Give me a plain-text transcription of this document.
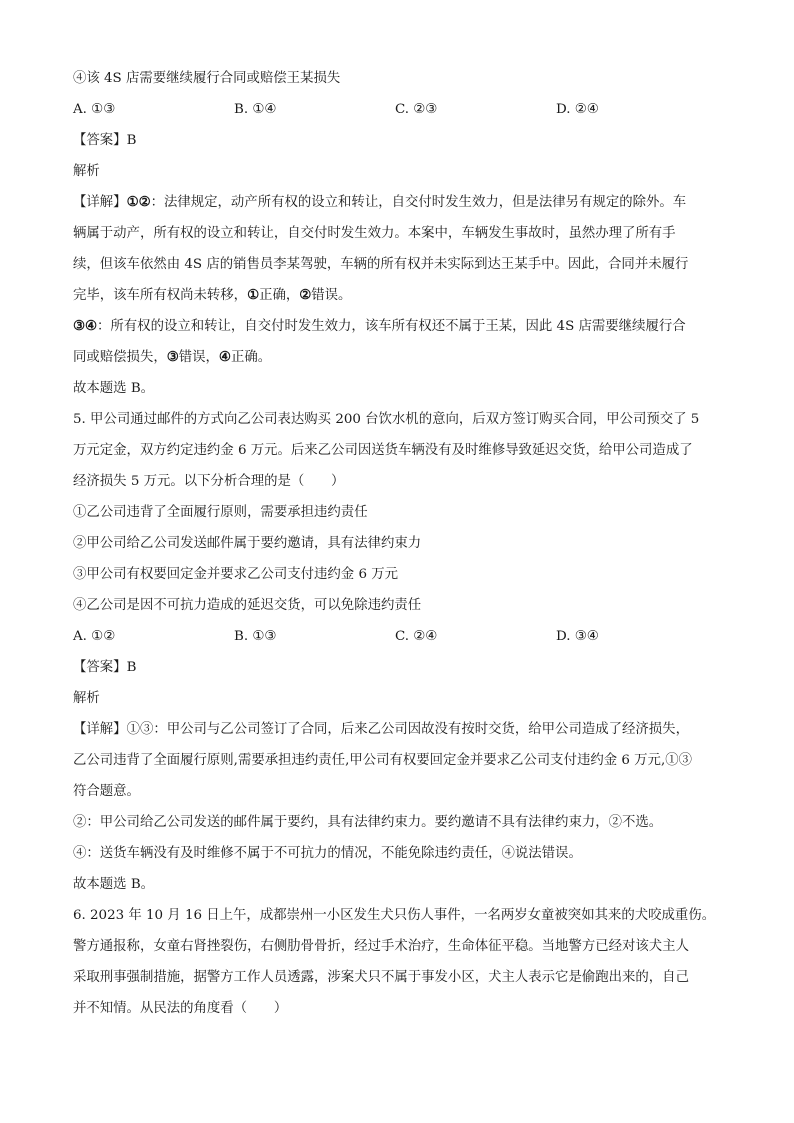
④该 4S 店需要继续履行合同或赔偿王某损失
A. ①③	B. ①④	C. ②③	D. ②④
【答案】B
解析
【详解】①②：法律规定，动产所有权的设立和转让，自交付时发生效力，但是法律另有规定的除外。车
辆属于动产，所有权的设立和转让，自交付时发生效力。本案中，车辆发生事故时，虽然办理了所有手
续，但该车依然由 4S 店的销售员李某驾驶，车辆的所有权并未实际到达王某手中。因此，合同并未履行
完毕，该车所有权尚未转移，①正确，②错误。
③④：所有权的设立和转让，自交付时发生效力，该车所有权还不属于王某，因此 4S 店需要继续履行合
同或赔偿损失，③错误，④正确。
故本题选 B。
5. 甲公司通过邮件的方式向乙公司表达购买 200 台饮水机的意向，后双方签订购买合同，甲公司预交了 5
万元定金，双方约定违约金 6 万元。后来乙公司因送货车辆没有及时维修导致延迟交货，给甲公司造成了
经济损失 5 万元。以下分析合理的是（　　）
①乙公司违背了全面履行原则，需要承担违约责任
②甲公司给乙公司发送邮件属于要约邀请，具有法律约束力
③甲公司有权要回定金并要求乙公司支付违约金 6 万元
④乙公司是因不可抗力造成的延迟交货，可以免除违约责任
A. ①②	B. ①③	C. ②④	D. ③④
【答案】B
解析
【详解】①③：甲公司与乙公司签订了合同，后来乙公司因故没有按时交货，给甲公司造成了经济损失，
乙公司违背了全面履行原则,需要承担违约责任,甲公司有权要回定金并要求乙公司支付违约金 6 万元,①③
符合题意。
②：甲公司给乙公司发送的邮件属于要约，具有法律约束力。要约邀请不具有法律约束力，②不选。
④：送货车辆没有及时维修不属于不可抗力的情况，不能免除违约责任，④说法错误。
故本题选 B。
6. 2023 年 10 月 16 日上午，成都崇州一小区发生犬只伤人事件，一名两岁女童被突如其来的犬咬成重伤。
警方通报称，女童右肾挫裂伤，右侧肋骨骨折，经过手术治疗，生命体征平稳。当地警方已经对该犬主人
采取刑事强制措施，据警方工作人员透露，涉案犬只不属于事发小区，犬主人表示它是偷跑出来的，自己
并不知情。从民法的角度看（　　）
